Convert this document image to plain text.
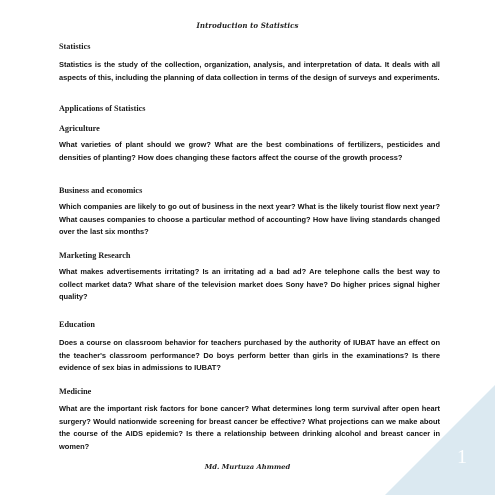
Introduction to Statistics

Statistics

Statistics is the study of the collection, organization, analysis, and interpretation of data. It deals with all aspects of this, including the planning of data collection in terms of the design of surveys and experiments.

Applications of Statistics

Agriculture

What varieties of plant should we grow? What are the best combinations of fertilizers, pesticides and densities of planting? How does changing these factors affect the course of the growth process?

Business and economics

Which companies are likely to go out of business in the next year? What is the likely tourist flow next year? What causes companies to choose a particular method of accounting? How have living standards changed over the last six months?

Marketing Research

What makes advertisements irritating? Is an irritating ad a bad ad? Are telephone calls the best way to collect market data? What share of the television market does Sony have? Do higher prices signal higher quality?

Education

Does a course on classroom behavior for teachers purchased by the authority of IUBAT have an effect on the teacher's classroom performance? Do boys perform better than girls in the examinations? Is there evidence of sex bias in admissions to IUBAT?

Medicine

What are the important risk factors for bone cancer? What determines long term survival after open heart surgery? Would nationwide screening for breast cancer be effective? What projections can we make about the course of the AIDS epidemic? Is there a relationship between drinking alcohol and breast cancer in women?

Md. Murtuza Ahmmed	1
